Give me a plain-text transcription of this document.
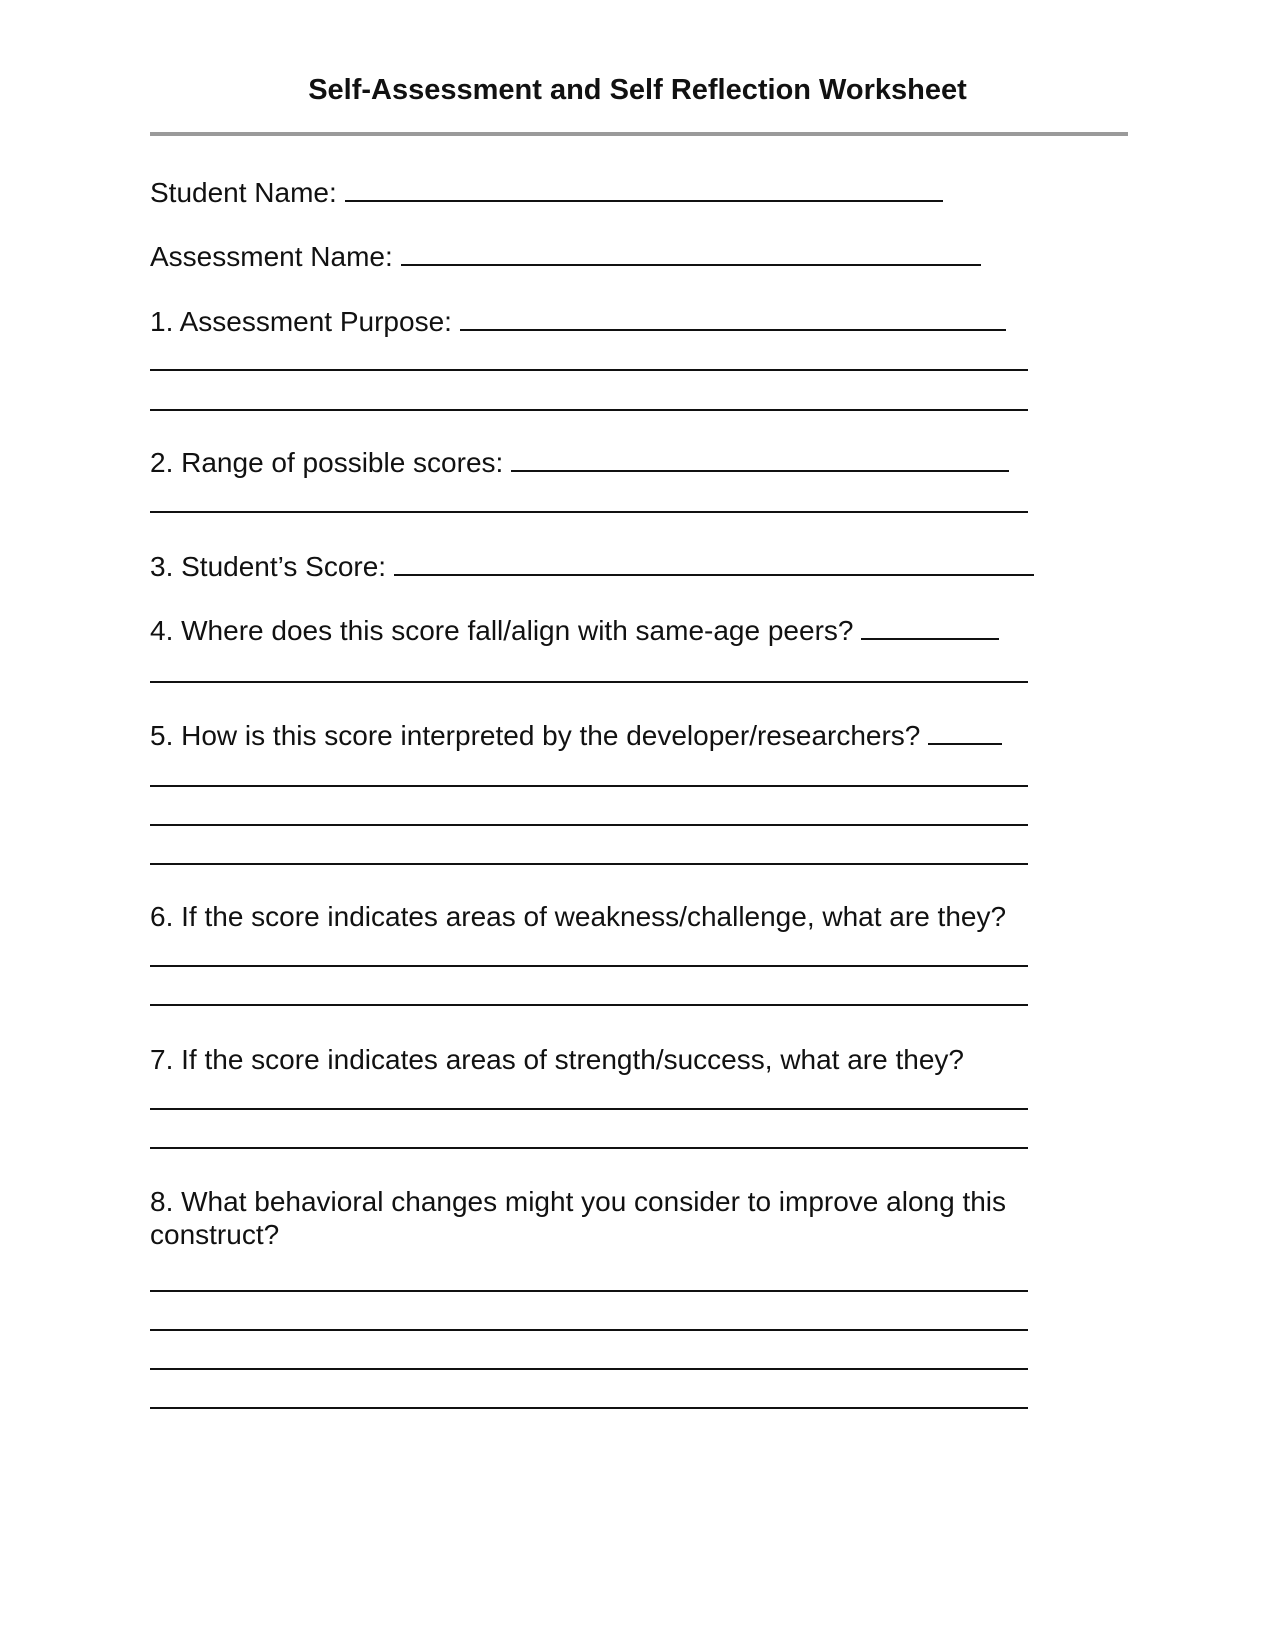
Self-Assessment and Self Reflection Worksheet
Student Name:
Assessment Name:
1. Assessment Purpose:
2. Range of possible scores:
3. Student’s Score:
4. Where does this score fall/align with same-age peers?
5. How is this score interpreted by the developer/researchers?
6. If the score indicates areas of weakness/challenge, what are they?
7. If the score indicates areas of strength/success, what are they?
8. What behavioral changes might you consider to improve along this
construct?
